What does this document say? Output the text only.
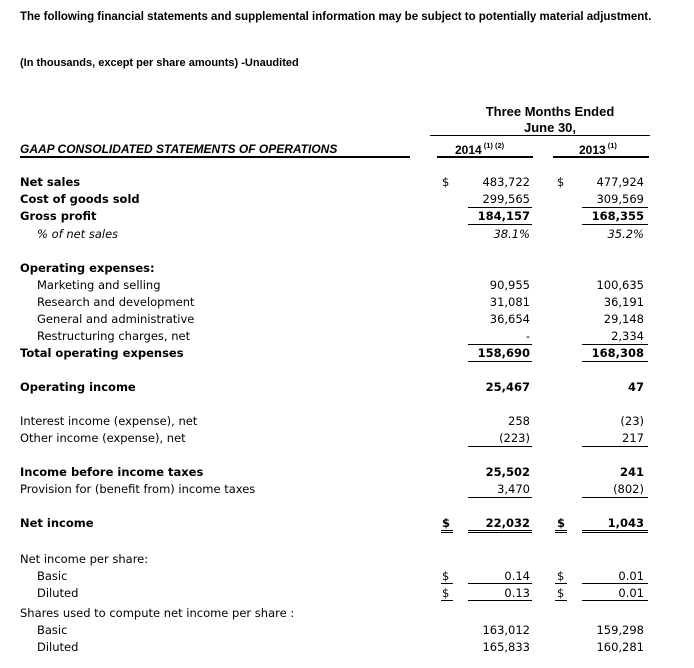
The following financial statements and supplemental information may be subject to potentially material adjustment.
(In thousands, except per share amounts) -Unaudited
Three Months Ended
June 30,
GAAP CONSOLIDATED STATEMENTS OF OPERATIONS	2014 $^{(1) (2)}$	2013 $^{(1)}$
Net sales	$	483,722 $	477,924
Cost of goods sold	299,565	309,569
Gross profit	184,157	168,355
% of net sales	38.1%	35.2%
Operating expenses:
Marketing and selling	90,955	100,635
Research and development	31,081	36,191
General and administrative	36,654	29,148
Restructuring charges, net	-	2,334
Total operating expenses	158,690	168,308
Operating income	25,467	47
Interest income (expense), net	258	(23)
Other income (expense), net	(223)	217
Income before income taxes	25,502	241
Provision for (benefit from) income taxes	3,470	(802)
Net income	$	22,032 $	1,043
Net income per share:
Basic	$	0.14 $	0.01
Diluted	$	0.13 $	0.01
Shares used to compute net income per share :
Basic	163,012	159,298
Diluted	165,833	160,281
